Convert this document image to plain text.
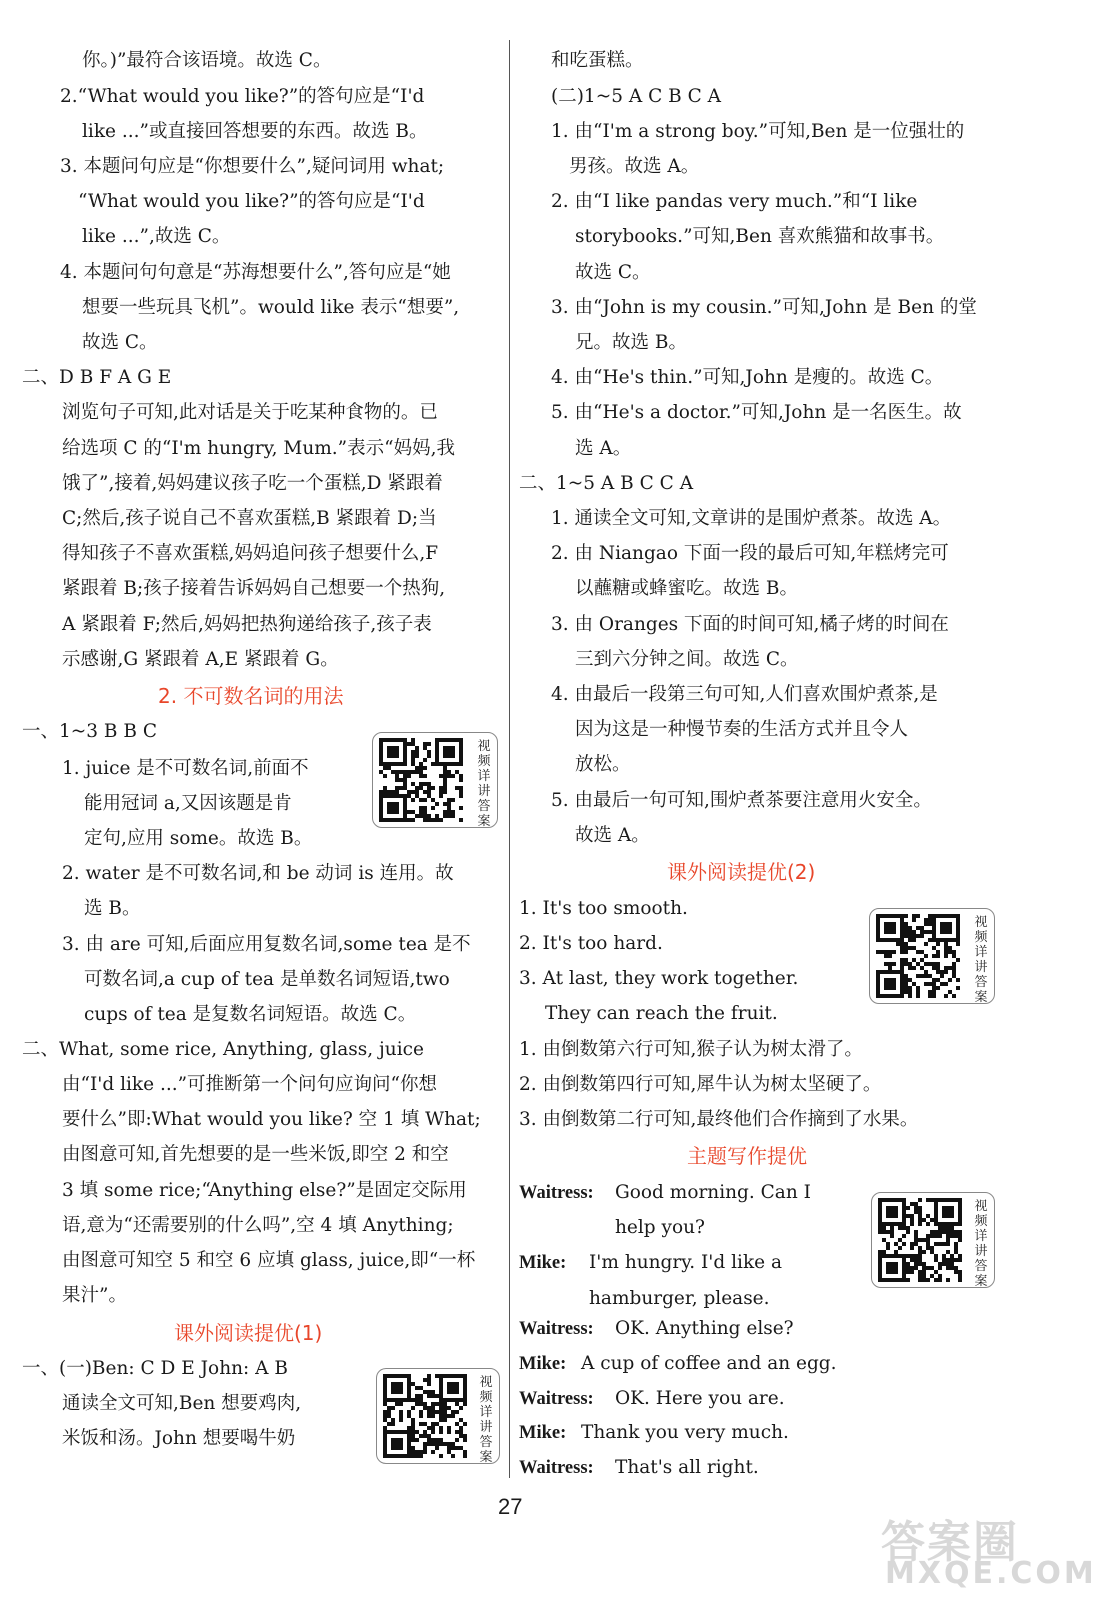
你。)”最符合该语境。故选 C。
2.“What would you like?”的答句应是“I'd
like ...”或直接回答想要的东西。故选 B。
3. 本题问句应是“你想要什么”,疑问词用 what;
“What would you like?”的答句应是“I'd
like ...”,故选 C。
4. 本题问句句意是“苏海想要什么”,答句应是“她
想要一些玩具飞机”。would like 表示“想要”,
故选 C。
二、D B F A G E
浏览句子可知,此对话是关于吃某种食物的。已
给选项 C 的“I'm hungry, Mum.”表示“妈妈,我
饿了”,接着,妈妈建议孩子吃一个蛋糕,D 紧跟着
C;然后,孩子说自己不喜欢蛋糕,B 紧跟着 D;当
得知孩子不喜欢蛋糕,妈妈追问孩子想要什么,F
紧跟着 B;孩子接着告诉妈妈自己想要一个热狗,
A 紧跟着 F;然后,妈妈把热狗递给孩子,孩子表
示感谢,G 紧跟着 A,E 紧跟着 G。
2. 不可数名词的用法
一、1~3 B B C
1. juice 是不可数名词,前面不
能用冠词 a,又因该题是肯
定句,应用 some。故选 B。
2. water 是不可数名词,和 be 动词 is 连用。故
选 B。
3. 由 are 可知,后面应用复数名词,some tea 是不
可数名词,a cup of tea 是单数名词短语,two
cups of tea 是复数名词短语。故选 C。
二、What, some rice, Anything, glass, juice
由“I'd like ...”可推断第一个问句应询问“你想
要什么”即:What would you like? 空 1 填 What;
由图意可知,首先想要的是一些米饭,即空 2 和空
3 填 some rice;“Anything else?”是固定交际用
语,意为“还需要别的什么吗”,空 4 填 Anything;
由图意可知空 5 和空 6 应填 glass, juice,即“一杯
果汁”。
课外阅读提优(1)
一、(一)Ben: C D E John: A B
通读全文可知,Ben 想要鸡肉,
米饭和汤。John 想要喝牛奶
视频详讲答案
视频详讲答案
和吃蛋糕。
(二)1~5 A C B C A
1. 由“I'm a strong boy.”可知,Ben 是一位强壮的
男孩。故选 A。
2. 由“I like pandas very much.”和“I like
storybooks.”可知,Ben 喜欢熊猫和故事书。
故选 C。
3. 由“John is my cousin.”可知,John 是 Ben 的堂
兄。故选 B。
4. 由“He's thin.”可知,John 是瘦的。故选 C。
5. 由“He's a doctor.”可知,John 是一名医生。故
选 A。
二、1~5 A B C C A
1. 通读全文可知,文章讲的是围炉煮茶。故选 A。
2. 由 Niangao 下面一段的最后可知,年糕烤完可
以蘸糖或蜂蜜吃。故选 B。
3. 由 Oranges 下面的时间可知,橘子烤的时间在
三到六分钟之间。故选 C。
4. 由最后一段第三句可知,人们喜欢围炉煮茶,是
因为这是一种慢节奏的生活方式并且令人
放松。
5. 由最后一句可知,围炉煮茶要注意用火安全。
故选 A。
课外阅读提优(2)
1. It's too smooth.
2. It's too hard.
3. At last, they work together.
They can reach the fruit.
1. 由倒数第六行可知,猴子认为树太滑了。
2. 由倒数第四行可知,犀牛认为树太坚硬了。
3. 由倒数第二行可知,最终他们合作摘到了水果。
主题写作提优
Waitress: Good morning. Can I
help you?
Mike: I'm hungry. I'd like a
hamburger, please.
Waitress: OK. Anything else?
Mike: A cup of coffee and an egg.
Waitress: OK. Here you are.
Mike: Thank you very much.
Waitress: That's all right.
视频详讲答案
视频详讲答案
27
答案圈
MXQE.COM
